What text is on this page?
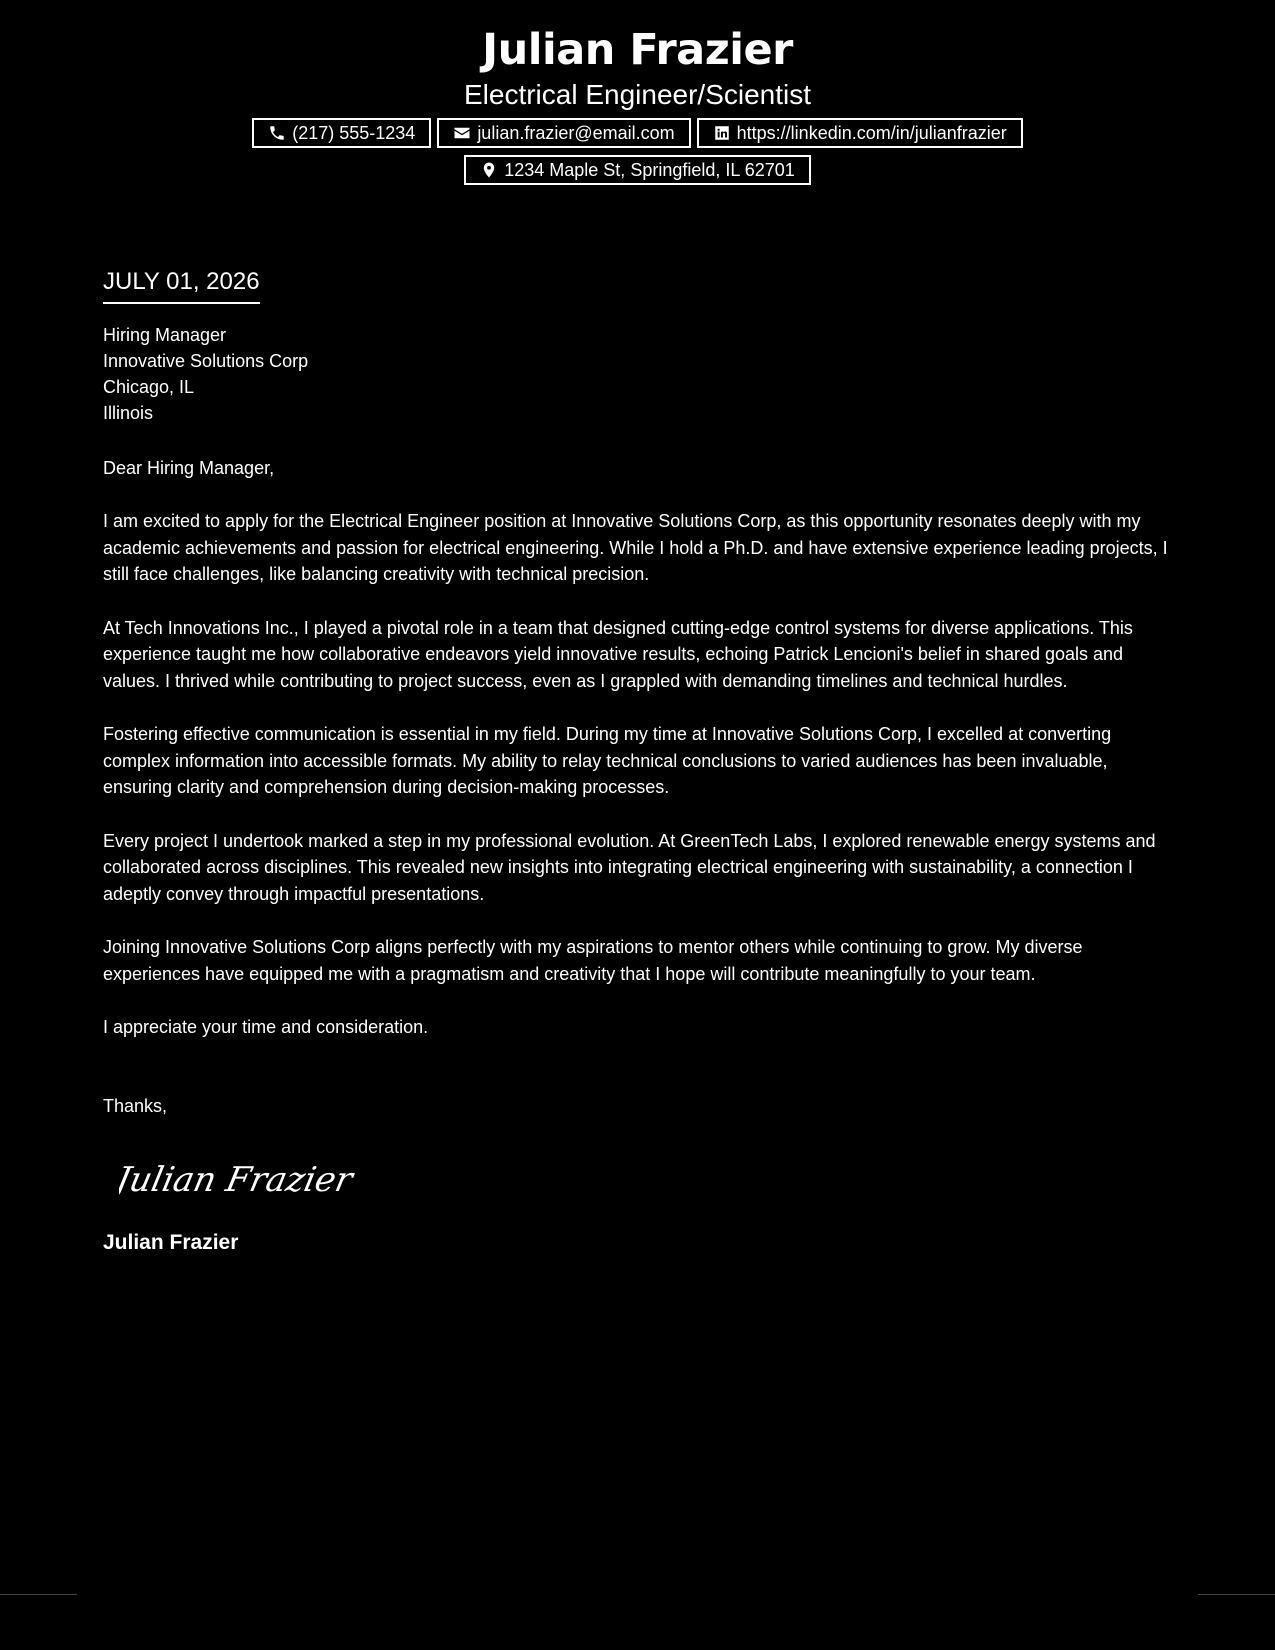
Julian Frazier
Electrical Engineer/Scientist
(217) 555-1234	julian.frazier@email.com	https://linkedin.com/in/julianfrazier
1234 Maple St, Springfield, IL 62701
JULY 01, 2026
Hiring Manager
Innovative Solutions Corp
Chicago, IL
Illinois
Dear Hiring Manager,
I am excited to apply for the Electrical Engineer position at Innovative Solutions Corp, as this opportunity resonates deeply with my academic achievements and passion for electrical engineering. While I hold a Ph.D. and have extensive experience leading projects, I still face challenges, like balancing creativity with technical precision.
At Tech Innovations Inc., I played a pivotal role in a team that designed cutting-edge control systems for diverse applications. This experience taught me how collaborative endeavors yield innovative results, echoing Patrick Lencioni's belief in shared goals and values. I thrived while contributing to project success, even as I grappled with demanding timelines and technical hurdles.
Fostering effective communication is essential in my field. During my time at Innovative Solutions Corp, I excelled at converting complex information into accessible formats. My ability to relay technical conclusions to varied audiences has been invaluable, ensuring clarity and comprehension during decision-making processes.
Every project I undertook marked a step in my professional evolution. At GreenTech Labs, I explored renewable energy systems and collaborated across disciplines. This revealed new insights into integrating electrical engineering with sustainability, a connection I adeptly convey through impactful presentations.
Joining Innovative Solutions Corp aligns perfectly with my aspirations to mentor others while continuing to grow. My diverse experiences have equipped me with a pragmatism and creativity that I hope will contribute meaningfully to your team.
I appreciate your time and consideration.
Thanks,
Julian Frazier
Julian Frazier
